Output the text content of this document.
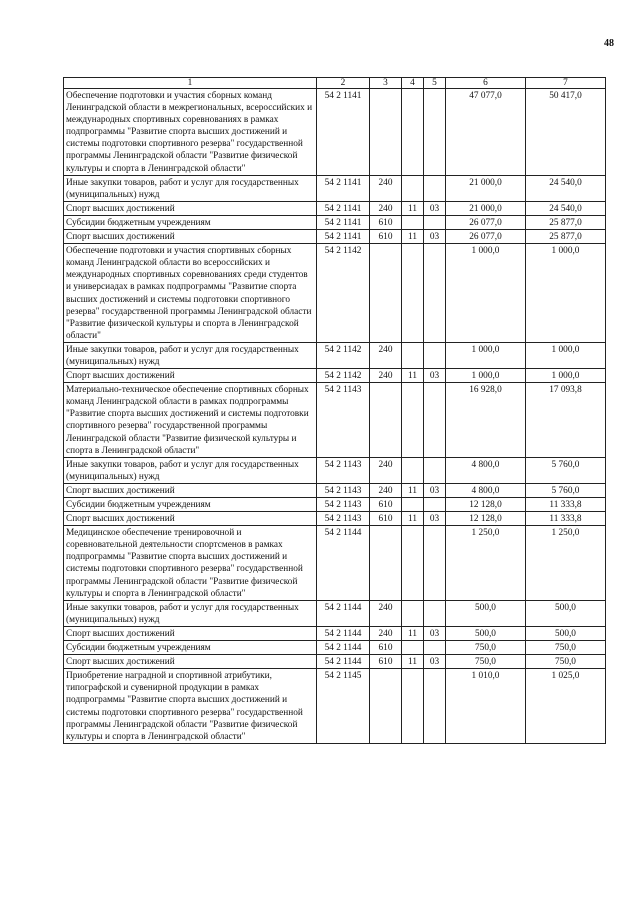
48
1	2	3	4	5	6	7
Обеспечение подготовки и участия сборных команд Ленинградской области в межрегиональных, всероссийских и международных спортивных соревнованиях в рамках подпрограммы "Развитие спорта высших достижений и системы подготовки спортивного резерва" государственной программы Ленинградской области "Развитие физической культуры и спорта в Ленинградской области"	54 2 1141				47 077,0	50 417,0
Иные закупки товаров, работ и услуг для государственных (муниципальных) нужд	54 2 1141	240			21 000,0	24 540,0
Спорт высших достижений	54 2 1141	240	11	03	21 000,0	24 540,0
Субсидии бюджетным учреждениям	54 2 1141	610			26 077,0	25 877,0
Спорт высших достижений	54 2 1141	610	11	03	26 077,0	25 877,0
Обеспечение подготовки и участия спортивных сборных команд Ленинградской области во всероссийских и международных спортивных соревнованиях среди студентов и универсиадах в рамках подпрограммы "Развитие спорта высших достижений и системы подготовки спортивного резерва" государственной программы Ленинградской области "Развитие физической культуры и спорта в Ленинградской области"	54 2 1142				1 000,0	1 000,0
Иные закупки товаров, работ и услуг для государственных (муниципальных) нужд	54 2 1142	240			1 000,0	1 000,0
Спорт высших достижений	54 2 1142	240	11	03	1 000,0	1 000,0
Материально-техническое обеспечение спортивных сборных команд Ленинградской области в рамках подпрограммы "Развитие спорта высших достижений и системы подготовки спортивного резерва" государственной программы Ленинградской области "Развитие физической культуры и спорта в Ленинградской области"	54 2 1143				16 928,0	17 093,8
Иные закупки товаров, работ и услуг для государственных (муниципальных) нужд	54 2 1143	240			4 800,0	5 760,0
Спорт высших достижений	54 2 1143	240	11	03	4 800,0	5 760,0
Субсидии бюджетным учреждениям	54 2 1143	610			12 128,0	11 333,8
Спорт высших достижений	54 2 1143	610	11	03	12 128,0	11 333,8
Медицинское обеспечение тренировочной и соревновательной деятельности спортсменов в рамках подпрограммы "Развитие спорта высших достижений и системы подготовки спортивного резерва" государственной программы Ленинградской области "Развитие физической культуры и спорта в Ленинградской области"	54 2 1144				1 250,0	1 250,0
Иные закупки товаров, работ и услуг для государственных (муниципальных) нужд	54 2 1144	240			500,0	500,0
Спорт высших достижений	54 2 1144	240	11	03	500,0	500,0
Субсидии бюджетным учреждениям	54 2 1144	610			750,0	750,0
Спорт высших достижений	54 2 1144	610	11	03	750,0	750,0
Приобретение наградной и спортивной атрибутики, типографской и сувенирной продукции в рамках подпрограммы "Развитие спорта высших достижений и системы подготовки спортивного резерва" государственной программы Ленинградской области "Развитие физической культуры и спорта в Ленинградской области"	54 2 1145				1 010,0	1 025,0
